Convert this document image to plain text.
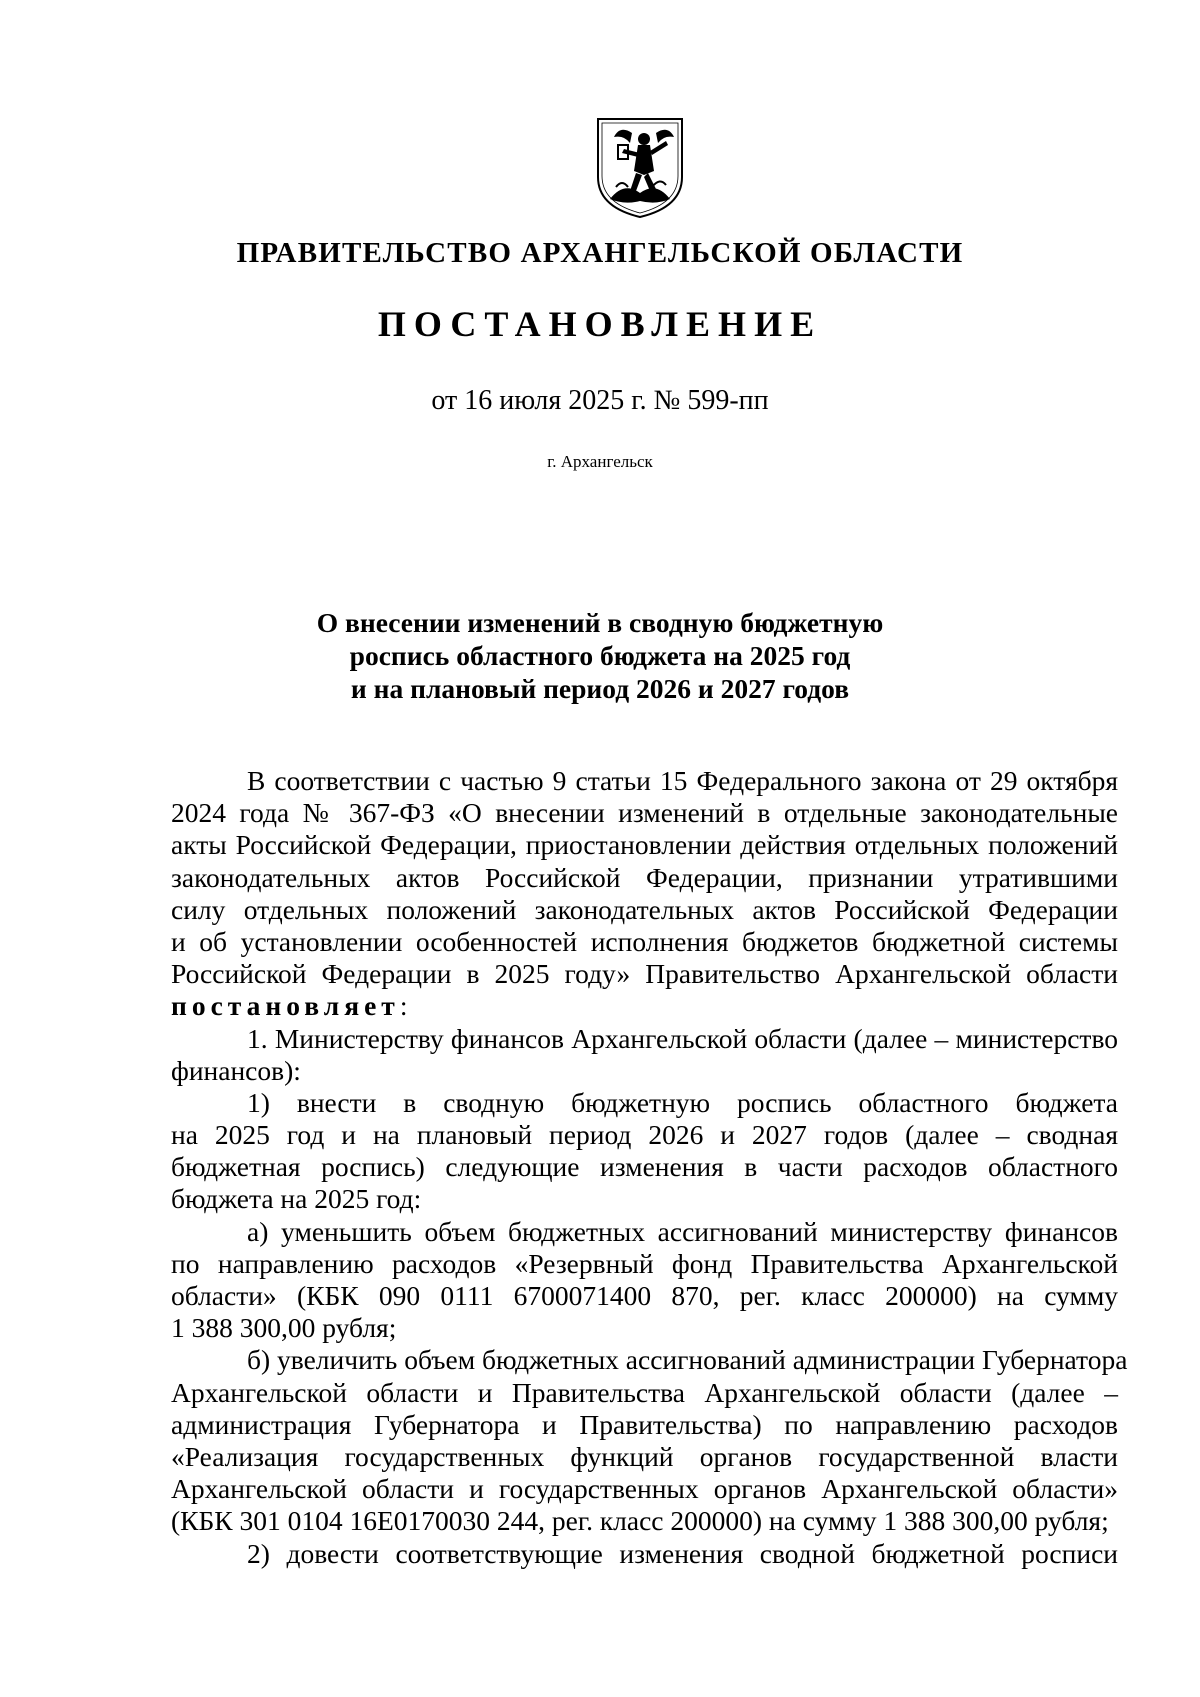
ПРАВИТЕЛЬСТВО АРХАНГЕЛЬСКОЙ ОБЛАСТИ
ПОСТАНОВЛЕНИЕ
от 16 июля 2025 г. № 599-пп
г. Архангельск
О внесении изменений в сводную бюджетную
роспись областного бюджета на 2025 год
и на плановый период 2026 и 2027 годов
В соответствии с частью 9 статьи 15 Федерального закона от 29 октября
2024 года № 367-ФЗ «О внесении изменений в отдельные законодательные
акты Российской Федерации, приостановлении действия отдельных положений
законодательных актов Российской Федерации, признании утратившими
силу отдельных положений законодательных актов Российской Федерации
и об установлении особенностей исполнения бюджетов бюджетной системы
Российской Федерации в 2025 году» Правительство Архангельской области
постановляет:
1. Министерству финансов Архангельской области (далее – министерство
финансов):
1) внести в сводную бюджетную роспись областного бюджета
на 2025 год и на плановый период 2026 и 2027 годов (далее – сводная
бюджетная роспись) следующие изменения в части расходов областного
бюджета на 2025 год:
а) уменьшить объем бюджетных ассигнований министерству финансов
по направлению расходов «Резервный фонд Правительства Архангельской
области» (КБК 090 0111 6700071400 870, рег. класс 200000) на сумму
1 388 300,00 рубля;
б) увеличить объем бюджетных ассигнований администрации Губернатора
Архангельской области и Правительства Архангельской области (далее –
администрация Губернатора и Правительства) по направлению расходов
«Реализация государственных функций органов государственной власти
Архангельской области и государственных органов Архангельской области»
(КБК 301 0104 16Е0170030 244, рег. класс 200000) на сумму 1 388 300,00 рубля;
2) довести соответствующие изменения сводной бюджетной росписи
